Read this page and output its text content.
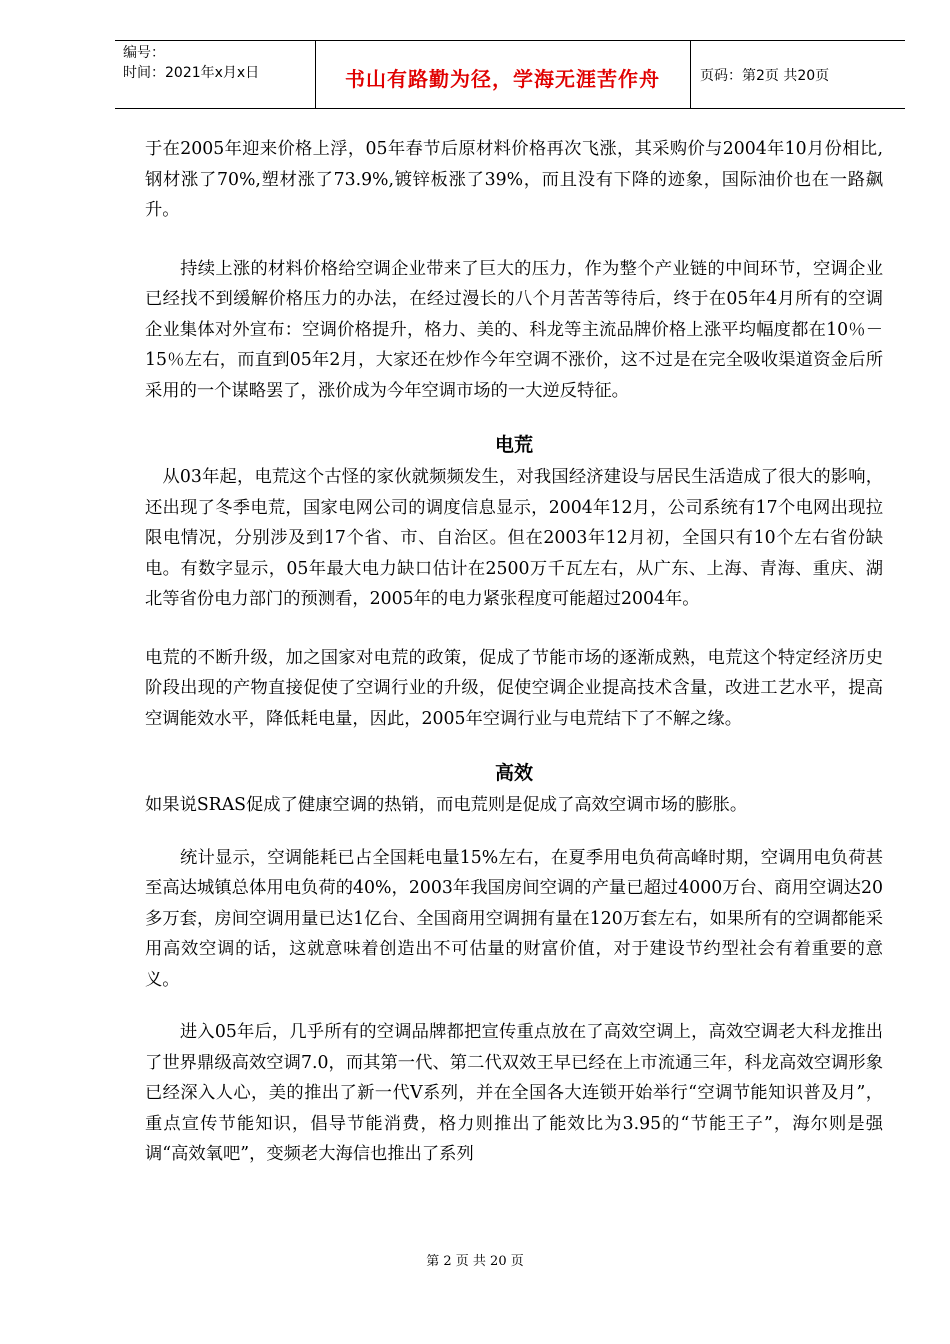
编号：
时间：2021年x月x日	书山有路勤为径，学海无涯苦作舟	页码：第2页 共20页

于在2005年迎来价格上浮，05年春节后原材料价格再次飞涨，其采购价与2004年10月份相比,钢材涨了70%,塑材涨了73.9%,镀锌板涨了39%，而且没有下降的迹象，国际油价也在一路飙升。

　　持续上涨的材料价格给空调企业带来了巨大的压力，作为整个产业链的中间环节，空调企业已经找不到缓解价格压力的办法，在经过漫长的八个月苦苦等待后，终于在05年4月所有的空调企业集体对外宣布：空调价格提升，格力、美的、科龙等主流品牌价格上涨平均幅度都在10％－15％左右，而直到05年2月，大家还在炒作今年空调不涨价，这不过是在完全吸收渠道资金后所采用的一个谋略罢了，涨价成为今年空调市场的一大逆反特征。

电荒

　从03年起，电荒这个古怪的家伙就频频发生，对我国经济建设与居民生活造成了很大的影响，还出现了冬季电荒，国家电网公司的调度信息显示，2004年12月，公司系统有17个电网出现拉限电情况，分别涉及到17个省、市、自治区。但在2003年12月初，全国只有10个左右省份缺电。有数字显示，05年最大电力缺口估计在2500万千瓦左右，从广东、上海、青海、重庆、湖北等省份电力部门的预测看，2005年的电力紧张程度可能超过2004年。

电荒的不断升级，加之国家对电荒的政策，促成了节能市场的逐渐成熟，电荒这个特定经济历史阶段出现的产物直接促使了空调行业的升级，促使空调企业提高技术含量，改进工艺水平，提高空调能效水平，降低耗电量，因此，2005年空调行业与电荒结下了不解之缘。

高效

如果说SRAS促成了健康空调的热销，而电荒则是促成了高效空调市场的膨胀。

　　统计显示，空调能耗已占全国耗电量15%左右，在夏季用电负荷高峰时期，空调用电负荷甚至高达城镇总体用电负荷的40%，2003年我国房间空调的产量已超过4000万台、商用空调达20多万套，房间空调用量已达1亿台、全国商用空调拥有量在120万套左右，如果所有的空调都能采用高效空调的话，这就意味着创造出不可估量的财富价值，对于建设节约型社会有着重要的意义。

　　进入05年后，几乎所有的空调品牌都把宣传重点放在了高效空调上，高效空调老大科龙推出了世界鼎级高效空调7.0，而其第一代、第二代双效王早已经在上市流通三年，科龙高效空调形象已经深入人心，美的推出了新一代V系列，并在全国各大连锁开始举行“空调节能知识普及月”，重点宣传节能知识，倡导节能消费，格力则推出了能效比为3.95的“节能王子”，海尔则是强调“高效氧吧”，变频老大海信也推出了系列

第 2 页 共 20 页
